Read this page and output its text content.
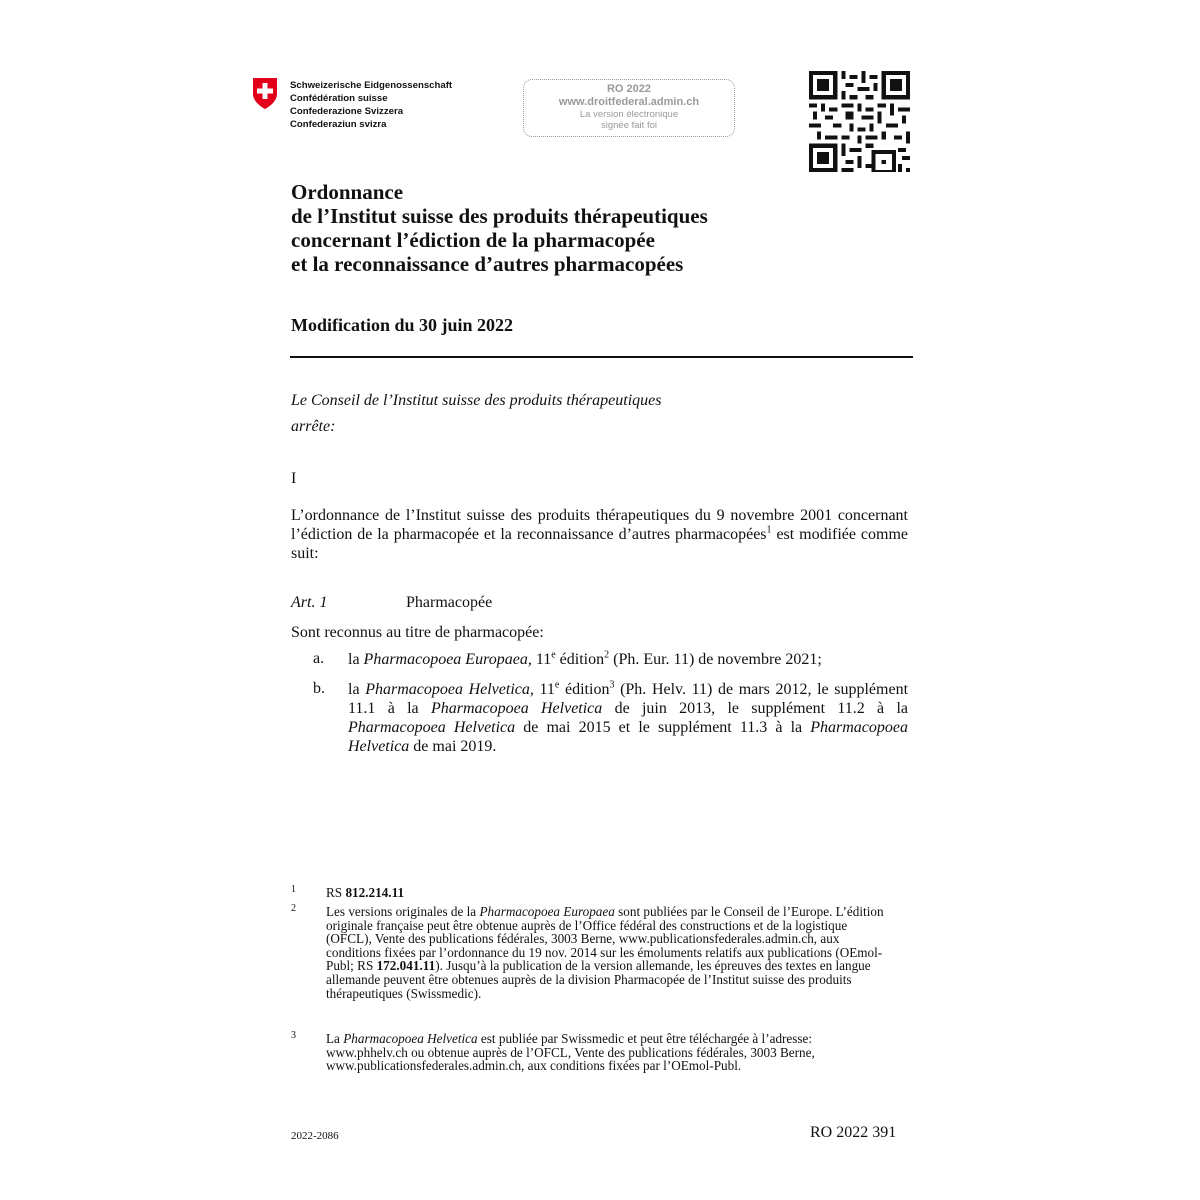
Schweizerische Eidgenossenschaft
Confédération suisse
Confederazione Svizzera
Confederaziun svizra
RO 2022
www.droitfederal.admin.ch
La version électronique
signée fait foi
Ordonnance
de l’Institut suisse des produits thérapeutiques
concernant l’édiction de la pharmacopée
et la reconnaissance d’autres pharmacopées
Modification du 30 juin 2022
Le Conseil de l’Institut suisse des produits thérapeutiques
arrête:
I
L’ordonnance de l’Institut suisse des produits thérapeutiques du 9 novembre 2001 concernant l’édiction de la pharmacopée et la reconnaissance d’autres pharmacopées$^1$ est modifiée comme suit:
Art. 1	Pharmacopée
Sont reconnus au titre de pharmacopée:
a. la Pharmacopoea Europaea, 11e édition$^2$ (Ph. Eur. 11) de novembre 2021;
b. la Pharmacopoea Helvetica, 11e édition$^3$ (Ph. Helv. 11) de mars 2012, le supplément 11.1 à la Pharmacopoea Helvetica de juin 2013, le supplément 11.2 à la Pharmacopoea Helvetica de mai 2015 et le supplément 11.3 à la Pharmacopoea Helvetica de mai 2019.
1 RS 812.214.11
2 Les versions originales de la Pharmacopoea Europaea sont publiées par le Conseil de l’Europe. L’édition originale française peut être obtenue auprès de l’Office fédéral des constructions et de la logistique (OFCL), Vente des publications fédérales, 3003 Berne, www.publicationsfederales.admin.ch, aux conditions fixées par l’ordonnance du 19 nov. 2014 sur les émoluments relatifs aux publications (OEmol-Publ; RS 172.041.11). Jusqu’à la publication de la version allemande, les épreuves des textes en langue allemande peuvent être obtenues auprès de la division Pharmacopée de l’Institut suisse des produits thérapeutiques (Swissmedic).
3 La Pharmacopoea Helvetica est publiée par Swissmedic et peut être téléchargée à l’adresse: www.phhelv.ch ou obtenue auprès de l’OFCL, Vente des publications fédérales, 3003 Berne, www.publicationsfederales.admin.ch, aux conditions fixées par l’OEmol-Publ.
2022-2086	RO 2022 391
